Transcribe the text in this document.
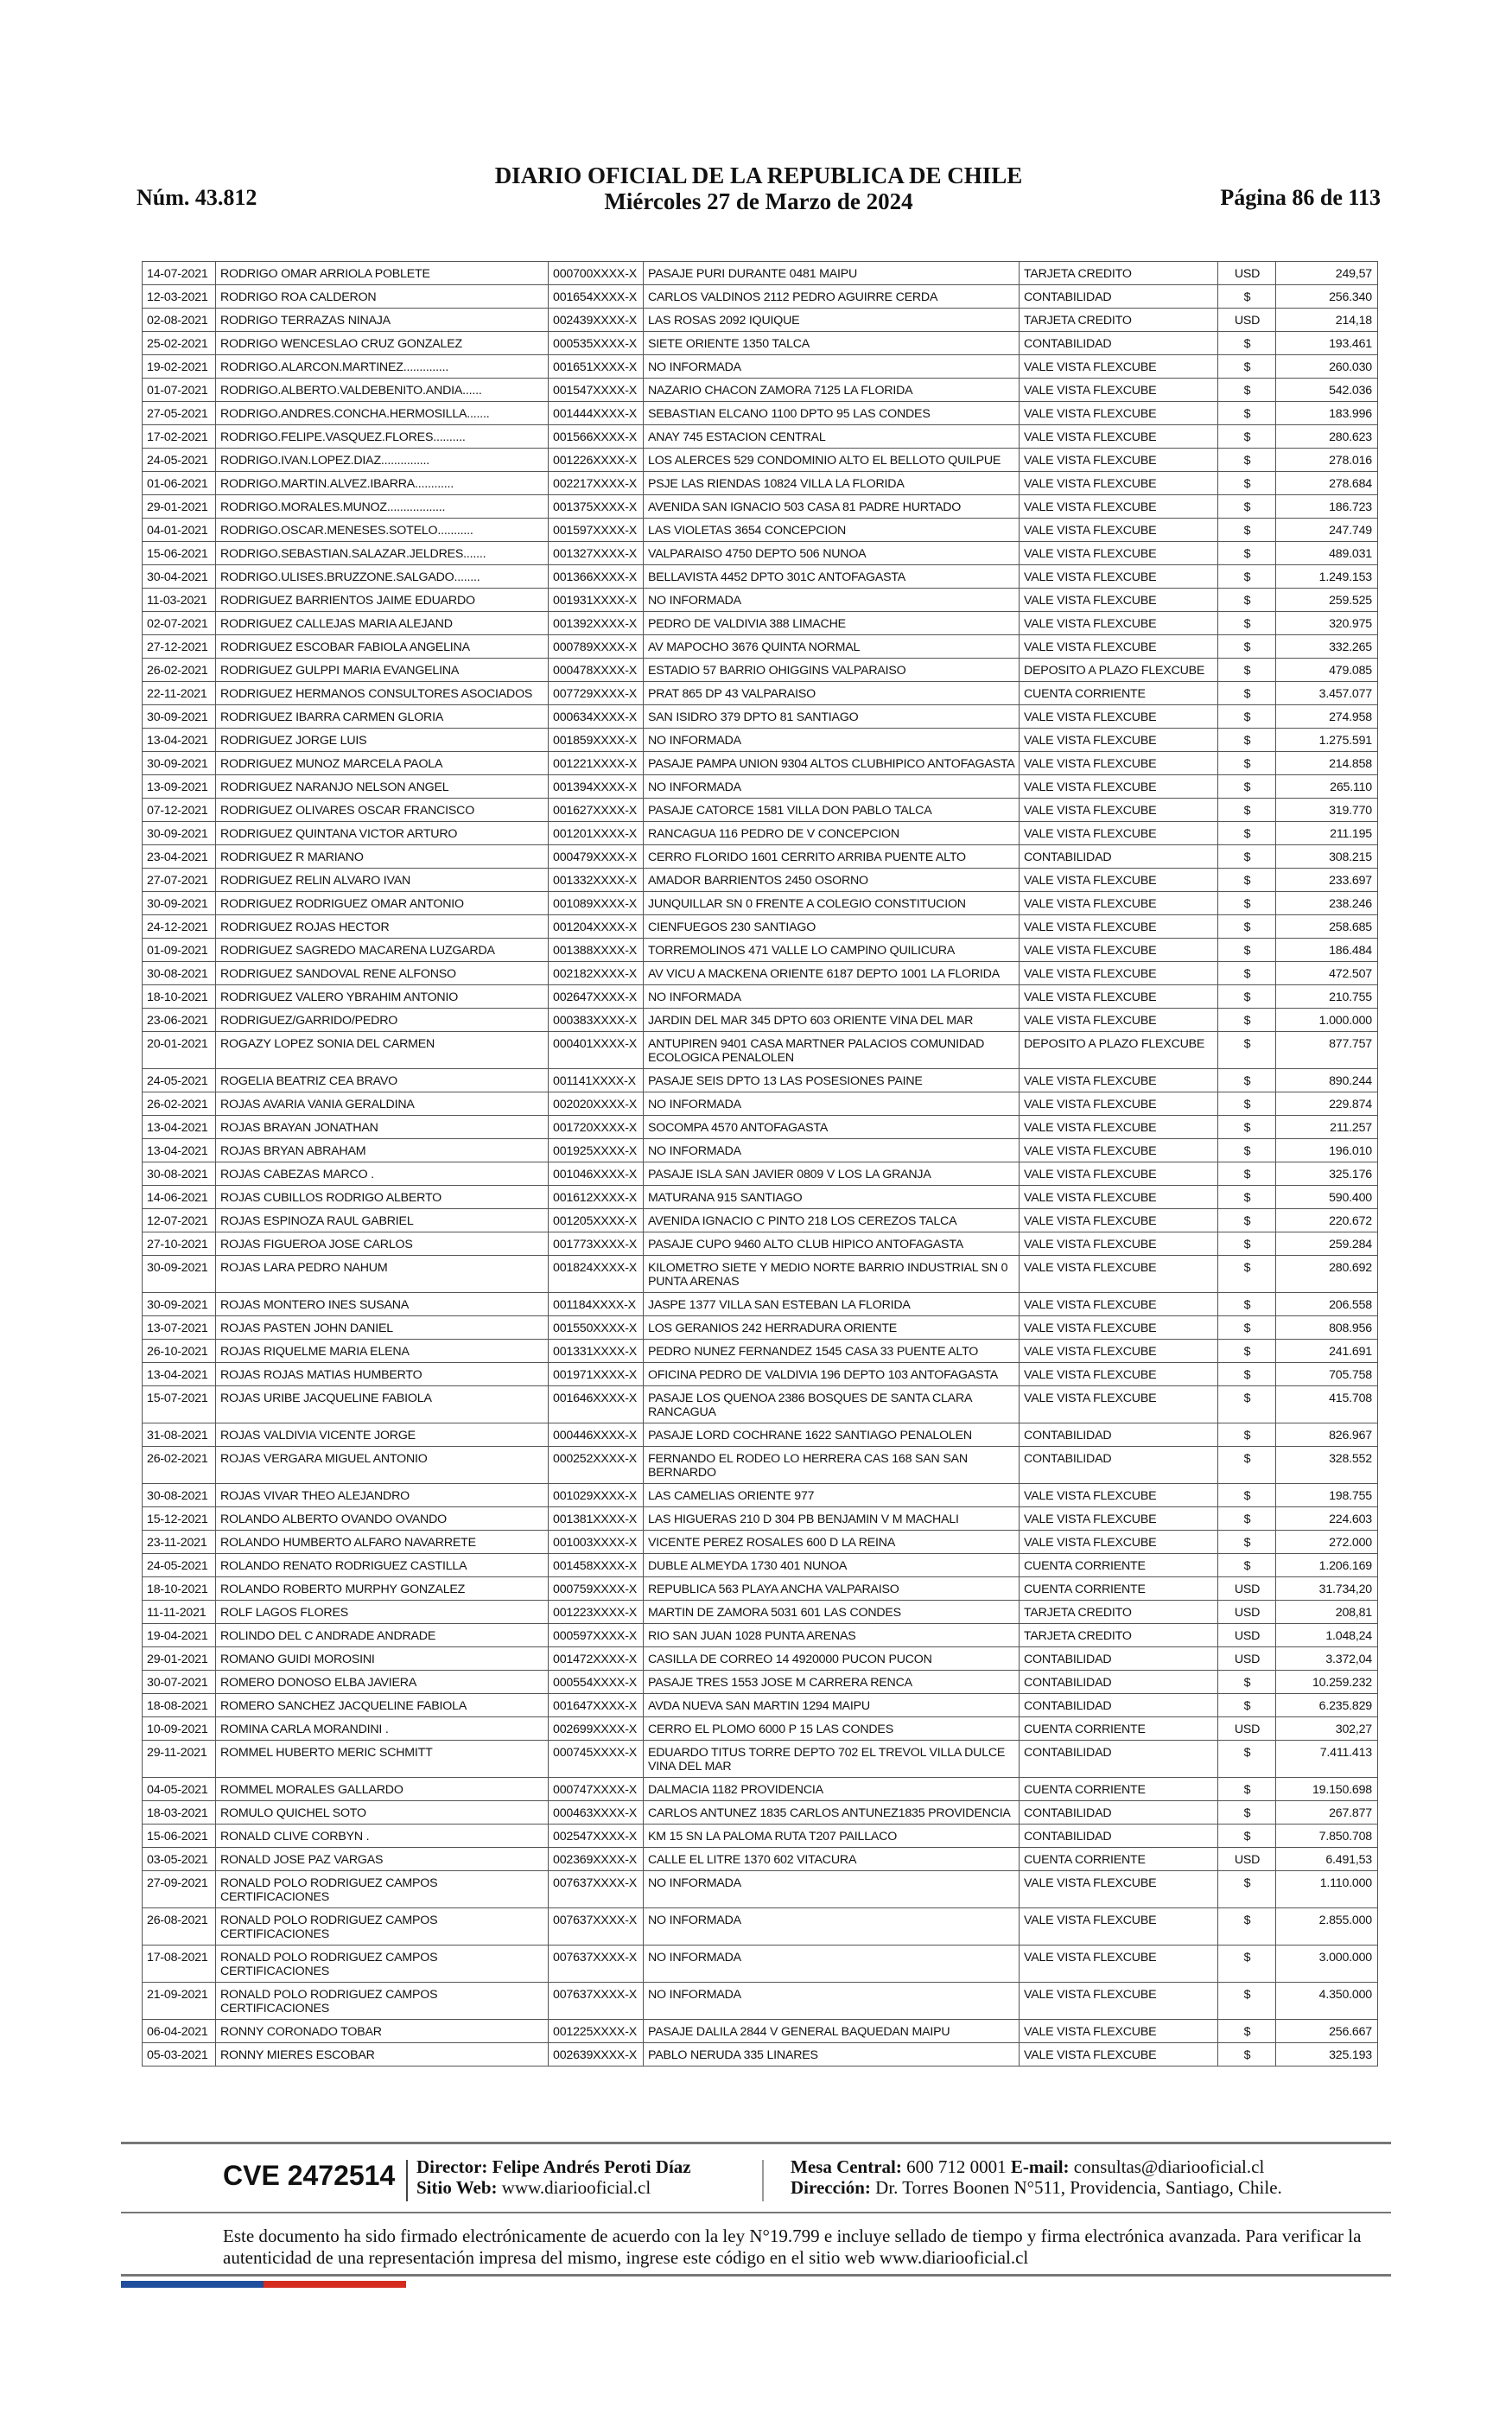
Núm. 43.812
DIARIO OFICIAL DE LA REPUBLICA DE CHILE
Miércoles 27 de Marzo de 2024	Página 86 de 113
14-07-2021	RODRIGO OMAR ARRIOLA POBLETE	000700XXXX-X	PASAJE PURI DURANTE 0481 MAIPU	TARJETA CREDITO	USD	249,57
12-03-2021	RODRIGO ROA CALDERON	001654XXXX-X	CARLOS VALDINOS 2112 PEDRO AGUIRRE CERDA	CONTABILIDAD	$	256.340
02-08-2021	RODRIGO TERRAZAS NINAJA	002439XXXX-X	LAS ROSAS 2092 IQUIQUE	TARJETA CREDITO	USD	214,18
25-02-2021	RODRIGO WENCESLAO CRUZ GONZALEZ	000535XXXX-X	SIETE ORIENTE 1350 TALCA	CONTABILIDAD	$	193.461
19-02-2021	RODRIGO.ALARCON.MARTINEZ..............	001651XXXX-X	NO INFORMADA	VALE VISTA FLEXCUBE	$	260.030
01-07-2021	RODRIGO.ALBERTO.VALDEBENITO.ANDIA......	001547XXXX-X	NAZARIO CHACON ZAMORA 7125 LA FLORIDA	VALE VISTA FLEXCUBE	$	542.036
27-05-2021	RODRIGO.ANDRES.CONCHA.HERMOSILLA.......	001444XXXX-X	SEBASTIAN ELCANO 1100 DPTO 95 LAS CONDES	VALE VISTA FLEXCUBE	$	183.996
17-02-2021	RODRIGO.FELIPE.VASQUEZ.FLORES..........	001566XXXX-X	ANAY 745 ESTACION CENTRAL	VALE VISTA FLEXCUBE	$	280.623
24-05-2021	RODRIGO.IVAN.LOPEZ.DIAZ...............	001226XXXX-X	LOS ALERCES 529 CONDOMINIO ALTO EL BELLOTO QUILPUE	VALE VISTA FLEXCUBE	$	278.016
01-06-2021	RODRIGO.MARTIN.ALVEZ.IBARRA............	002217XXXX-X	PSJE LAS RIENDAS 10824 VILLA LA FLORIDA	VALE VISTA FLEXCUBE	$	278.684
29-01-2021	RODRIGO.MORALES.MUNOZ..................	001375XXXX-X	AVENIDA SAN IGNACIO 503 CASA 81 PADRE HURTADO	VALE VISTA FLEXCUBE	$	186.723
04-01-2021	RODRIGO.OSCAR.MENESES.SOTELO...........	001597XXXX-X	LAS VIOLETAS 3654 CONCEPCION	VALE VISTA FLEXCUBE	$	247.749
15-06-2021	RODRIGO.SEBASTIAN.SALAZAR.JELDRES.......	001327XXXX-X	VALPARAISO 4750 DEPTO 506 NUNOA	VALE VISTA FLEXCUBE	$	489.031
30-04-2021	RODRIGO.ULISES.BRUZZONE.SALGADO........	001366XXXX-X	BELLAVISTA 4452 DPTO 301C ANTOFAGASTA	VALE VISTA FLEXCUBE	$	1.249.153
11-03-2021	RODRIGUEZ BARRIENTOS JAIME EDUARDO	001931XXXX-X	NO INFORMADA	VALE VISTA FLEXCUBE	$	259.525
02-07-2021	RODRIGUEZ CALLEJAS MARIA ALEJAND	001392XXXX-X	PEDRO DE VALDIVIA 388 LIMACHE	VALE VISTA FLEXCUBE	$	320.975
27-12-2021	RODRIGUEZ ESCOBAR FABIOLA ANGELINA	000789XXXX-X	AV MAPOCHO 3676 QUINTA NORMAL	VALE VISTA FLEXCUBE	$	332.265
26-02-2021	RODRIGUEZ GULPPI MARIA EVANGELINA	000478XXXX-X	ESTADIO 57 BARRIO OHIGGINS VALPARAISO	DEPOSITO A PLAZO FLEXCUBE	$	479.085
22-11-2021	RODRIGUEZ HERMANOS CONSULTORES ASOCIADOS	007729XXXX-X	PRAT 865 DP 43 VALPARAISO	CUENTA CORRIENTE	$	3.457.077
30-09-2021	RODRIGUEZ IBARRA CARMEN GLORIA	000634XXXX-X	SAN ISIDRO 379 DPTO 81 SANTIAGO	VALE VISTA FLEXCUBE	$	274.958
13-04-2021	RODRIGUEZ JORGE LUIS	001859XXXX-X	NO INFORMADA	VALE VISTA FLEXCUBE	$	1.275.591
30-09-2021	RODRIGUEZ MUNOZ MARCELA PAOLA	001221XXXX-X	PASAJE PAMPA UNION 9304 ALTOS CLUBHIPICO ANTOFAGASTA	VALE VISTA FLEXCUBE	$	214.858
13-09-2021	RODRIGUEZ NARANJO NELSON ANGEL	001394XXXX-X	NO INFORMADA	VALE VISTA FLEXCUBE	$	265.110
07-12-2021	RODRIGUEZ OLIVARES OSCAR FRANCISCO	001627XXXX-X	PASAJE CATORCE 1581 VILLA DON PABLO TALCA	VALE VISTA FLEXCUBE	$	319.770
30-09-2021	RODRIGUEZ QUINTANA VICTOR ARTURO	001201XXXX-X	RANCAGUA 116 PEDRO DE V CONCEPCION	VALE VISTA FLEXCUBE	$	211.195
23-04-2021	RODRIGUEZ R MARIANO	000479XXXX-X	CERRO FLORIDO 1601 CERRITO ARRIBA PUENTE ALTO	CONTABILIDAD	$	308.215
27-07-2021	RODRIGUEZ RELIN ALVARO IVAN	001332XXXX-X	AMADOR BARRIENTOS 2450 OSORNO	VALE VISTA FLEXCUBE	$	233.697
30-09-2021	RODRIGUEZ RODRIGUEZ OMAR ANTONIO	001089XXXX-X	JUNQUILLAR SN 0 FRENTE A COLEGIO CONSTITUCION	VALE VISTA FLEXCUBE	$	238.246
24-12-2021	RODRIGUEZ ROJAS HECTOR	001204XXXX-X	CIENFUEGOS 230 SANTIAGO	VALE VISTA FLEXCUBE	$	258.685
01-09-2021	RODRIGUEZ SAGREDO MACARENA LUZGARDA	001388XXXX-X	TORREMOLINOS 471 VALLE LO CAMPINO QUILICURA	VALE VISTA FLEXCUBE	$	186.484
30-08-2021	RODRIGUEZ SANDOVAL RENE ALFONSO	002182XXXX-X	AV VICU A MACKENA ORIENTE 6187 DEPTO 1001 LA FLORIDA	VALE VISTA FLEXCUBE	$	472.507
18-10-2021	RODRIGUEZ VALERO YBRAHIM ANTONIO	002647XXXX-X	NO INFORMADA	VALE VISTA FLEXCUBE	$	210.755
23-06-2021	RODRIGUEZ/GARRIDO/PEDRO	000383XXXX-X	JARDIN DEL MAR 345 DPTO 603 ORIENTE VINA DEL MAR	VALE VISTA FLEXCUBE	$	1.000.000
20-01-2021	ROGAZY LOPEZ SONIA DEL CARMEN	000401XXXX-X	ANTUPIREN 9401 CASA MARTNER PALACIOS COMUNIDAD ECOLOGICA PENALOLEN	DEPOSITO A PLAZO FLEXCUBE	$	877.757
24-05-2021	ROGELIA BEATRIZ CEA BRAVO	001141XXXX-X	PASAJE SEIS DPTO 13 LAS POSESIONES PAINE	VALE VISTA FLEXCUBE	$	890.244
26-02-2021	ROJAS AVARIA VANIA GERALDINA	002020XXXX-X	NO INFORMADA	VALE VISTA FLEXCUBE	$	229.874
13-04-2021	ROJAS BRAYAN JONATHAN	001720XXXX-X	SOCOMPA 4570 ANTOFAGASTA	VALE VISTA FLEXCUBE	$	211.257
13-04-2021	ROJAS BRYAN ABRAHAM	001925XXXX-X	NO INFORMADA	VALE VISTA FLEXCUBE	$	196.010
30-08-2021	ROJAS CABEZAS MARCO .	001046XXXX-X	PASAJE ISLA SAN JAVIER 0809 V LOS LA GRANJA	VALE VISTA FLEXCUBE	$	325.176
14-06-2021	ROJAS CUBILLOS RODRIGO ALBERTO	001612XXXX-X	MATURANA 915 SANTIAGO	VALE VISTA FLEXCUBE	$	590.400
12-07-2021	ROJAS ESPINOZA RAUL GABRIEL	001205XXXX-X	AVENIDA IGNACIO C PINTO 218 LOS CEREZOS TALCA	VALE VISTA FLEXCUBE	$	220.672
27-10-2021	ROJAS FIGUEROA JOSE CARLOS	001773XXXX-X	PASAJE CUPO 9460 ALTO CLUB HIPICO ANTOFAGASTA	VALE VISTA FLEXCUBE	$	259.284
30-09-2021	ROJAS LARA PEDRO NAHUM	001824XXXX-X	KILOMETRO SIETE Y MEDIO NORTE BARRIO INDUSTRIAL SN 0 PUNTA ARENAS	VALE VISTA FLEXCUBE	$	280.692
30-09-2021	ROJAS MONTERO INES SUSANA	001184XXXX-X	JASPE 1377 VILLA SAN ESTEBAN LA FLORIDA	VALE VISTA FLEXCUBE	$	206.558
13-07-2021	ROJAS PASTEN JOHN DANIEL	001550XXXX-X	LOS GERANIOS 242 HERRADURA ORIENTE	VALE VISTA FLEXCUBE	$	808.956
26-10-2021	ROJAS RIQUELME MARIA ELENA	001331XXXX-X	PEDRO NUNEZ FERNANDEZ 1545 CASA 33 PUENTE ALTO	VALE VISTA FLEXCUBE	$	241.691
13-04-2021	ROJAS ROJAS MATIAS HUMBERTO	001971XXXX-X	OFICINA PEDRO DE VALDIVIA 196 DEPTO 103 ANTOFAGASTA	VALE VISTA FLEXCUBE	$	705.758
15-07-2021	ROJAS URIBE JACQUELINE FABIOLA	001646XXXX-X	PASAJE LOS QUENOA 2386 BOSQUES DE SANTA CLARA RANCAGUA	VALE VISTA FLEXCUBE	$	415.708
31-08-2021	ROJAS VALDIVIA VICENTE JORGE	000446XXXX-X	PASAJE LORD COCHRANE 1622 SANTIAGO PENALOLEN	CONTABILIDAD	$	826.967
26-02-2021	ROJAS VERGARA MIGUEL ANTONIO	000252XXXX-X	FERNANDO EL RODEO LO HERRERA CAS 168 SAN SAN BERNARDO	CONTABILIDAD	$	328.552
30-08-2021	ROJAS VIVAR THEO ALEJANDRO	001029XXXX-X	LAS CAMELIAS ORIENTE 977	VALE VISTA FLEXCUBE	$	198.755
15-12-2021	ROLANDO ALBERTO OVANDO OVANDO	001381XXXX-X	LAS HIGUERAS 210 D 304 PB BENJAMIN V M MACHALI	VALE VISTA FLEXCUBE	$	224.603
23-11-2021	ROLANDO HUMBERTO ALFARO NAVARRETE	001003XXXX-X	VICENTE PEREZ ROSALES 600 D LA REINA	VALE VISTA FLEXCUBE	$	272.000
24-05-2021	ROLANDO RENATO RODRIGUEZ CASTILLA	001458XXXX-X	DUBLE ALMEYDA 1730 401 NUNOA	CUENTA CORRIENTE	$	1.206.169
18-10-2021	ROLANDO ROBERTO MURPHY GONZALEZ	000759XXXX-X	REPUBLICA 563 PLAYA ANCHA VALPARAISO	CUENTA CORRIENTE	USD	31.734,20
11-11-2021	ROLF LAGOS FLORES	001223XXXX-X	MARTIN DE ZAMORA 5031 601 LAS CONDES	TARJETA CREDITO	USD	208,81
19-04-2021	ROLINDO DEL C ANDRADE ANDRADE	000597XXXX-X	RIO SAN JUAN 1028 PUNTA ARENAS	TARJETA CREDITO	USD	1.048,24
29-01-2021	ROMANO GUIDI MOROSINI	001472XXXX-X	CASILLA DE CORREO 14 4920000 PUCON PUCON	CONTABILIDAD	USD	3.372,04
30-07-2021	ROMERO DONOSO ELBA JAVIERA	000554XXXX-X	PASAJE TRES 1553 JOSE M CARRERA RENCA	CONTABILIDAD	$	10.259.232
18-08-2021	ROMERO SANCHEZ JACQUELINE FABIOLA	001647XXXX-X	AVDA NUEVA SAN MARTIN 1294 MAIPU	CONTABILIDAD	$	6.235.829
10-09-2021	ROMINA CARLA MORANDINI .	002699XXXX-X	CERRO EL PLOMO 6000 P 15 LAS CONDES	CUENTA CORRIENTE	USD	302,27
29-11-2021	ROMMEL HUBERTO MERIC SCHMITT	000745XXXX-X	EDUARDO TITUS TORRE DEPTO 702 EL TREVOL VILLA DULCE VINA DEL MAR	CONTABILIDAD	$	7.411.413
04-05-2021	ROMMEL MORALES GALLARDO	000747XXXX-X	DALMACIA 1182 PROVIDENCIA	CUENTA CORRIENTE	$	19.150.698
18-03-2021	ROMULO QUICHEL SOTO	000463XXXX-X	CARLOS ANTUNEZ 1835 CARLOS ANTUNEZ1835 PROVIDENCIA	CONTABILIDAD	$	267.877
15-06-2021	RONALD CLIVE CORBYN .	002547XXXX-X	KM 15 SN LA PALOMA RUTA T207 PAILLACO	CONTABILIDAD	$	7.850.708
03-05-2021	RONALD JOSE PAZ VARGAS	002369XXXX-X	CALLE EL LITRE 1370 602 VITACURA	CUENTA CORRIENTE	USD	6.491,53
27-09-2021	RONALD POLO RODRIGUEZ CAMPOS CERTIFICACIONES	007637XXXX-X	NO INFORMADA	VALE VISTA FLEXCUBE	$	1.110.000
26-08-2021	RONALD POLO RODRIGUEZ CAMPOS CERTIFICACIONES	007637XXXX-X	NO INFORMADA	VALE VISTA FLEXCUBE	$	2.855.000
17-08-2021	RONALD POLO RODRIGUEZ CAMPOS CERTIFICACIONES	007637XXXX-X	NO INFORMADA	VALE VISTA FLEXCUBE	$	3.000.000
21-09-2021	RONALD POLO RODRIGUEZ CAMPOS CERTIFICACIONES	007637XXXX-X	NO INFORMADA	VALE VISTA FLEXCUBE	$	4.350.000
06-04-2021	RONNY CORONADO TOBAR	001225XXXX-X	PASAJE DALILA 2844 V GENERAL BAQUEDAN MAIPU	VALE VISTA FLEXCUBE	$	256.667
05-03-2021	RONNY MIERES ESCOBAR	002639XXXX-X	PABLO NERUDA 335 LINARES	VALE VISTA FLEXCUBE	$	325.193
CVE 2472514 Director: Felipe Andrés Peroti Díaz
Sitio Web: www.diariooficial.cl
Mesa Central: 600 712 0001 E-mail: consultas@diariooficial.cl
Dirección: Dr. Torres Boonen N°511, Providencia, Santiago, Chile.
Este documento ha sido firmado electrónicamente de acuerdo con la ley N°19.799 e incluye sellado de tiempo y firma electrónica avanzada. Para verificar la autenticidad de una representación impresa del mismo, ingrese este código en el sitio web www.diariooficial.cl
